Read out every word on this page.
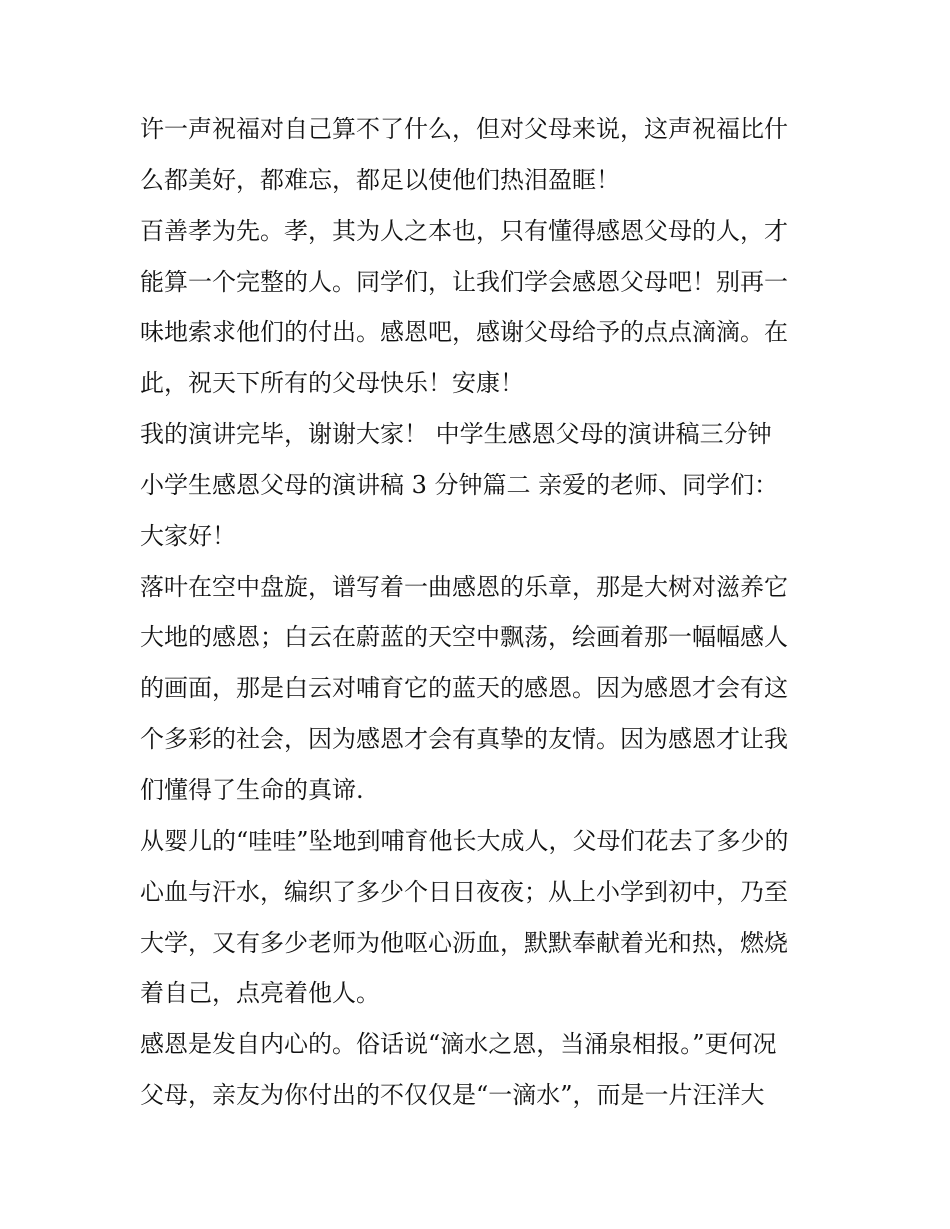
许一声祝福对自己算不了什么，但对父母来说，这声祝福比什
么都美好，都难忘，都足以使他们热泪盈眶！
百善孝为先。孝，其为人之本也，只有懂得感恩父母的人，才
能算一个完整的人。同学们，让我们学会感恩父母吧！别再一
味地索求他们的付出。感恩吧，感谢父母给予的点点滴滴。在
此，祝天下所有的父母快乐！安康！
我的演讲完毕，谢谢大家！ 中学生感恩父母的演讲稿三分钟
小学生感恩父母的演讲稿 3 分钟篇二 亲爱的老师、同学们：
大家好！
落叶在空中盘旋，谱写着一曲感恩的乐章，那是大树对滋养它
大地的感恩；白云在蔚蓝的天空中飘荡，绘画着那一幅幅感人
的画面，那是白云对哺育它的蓝天的感恩。因为感恩才会有这
个多彩的社会，因为感恩才会有真挚的友情。因为感恩才让我
们懂得了生命的真谛.
从婴儿的“哇哇”坠地到哺育他长大成人，父母们花去了多少的
心血与汗水，编织了多少个日日夜夜；从上小学到初中，乃至
大学，又有多少老师为他呕心沥血，默默奉献着光和热，燃烧
着自己，点亮着他人。
感恩是发自内心的。俗话说“滴水之恩，当涌泉相报。”更何况
父母，亲友为你付出的不仅仅是“一滴水”，而是一片汪洋大
